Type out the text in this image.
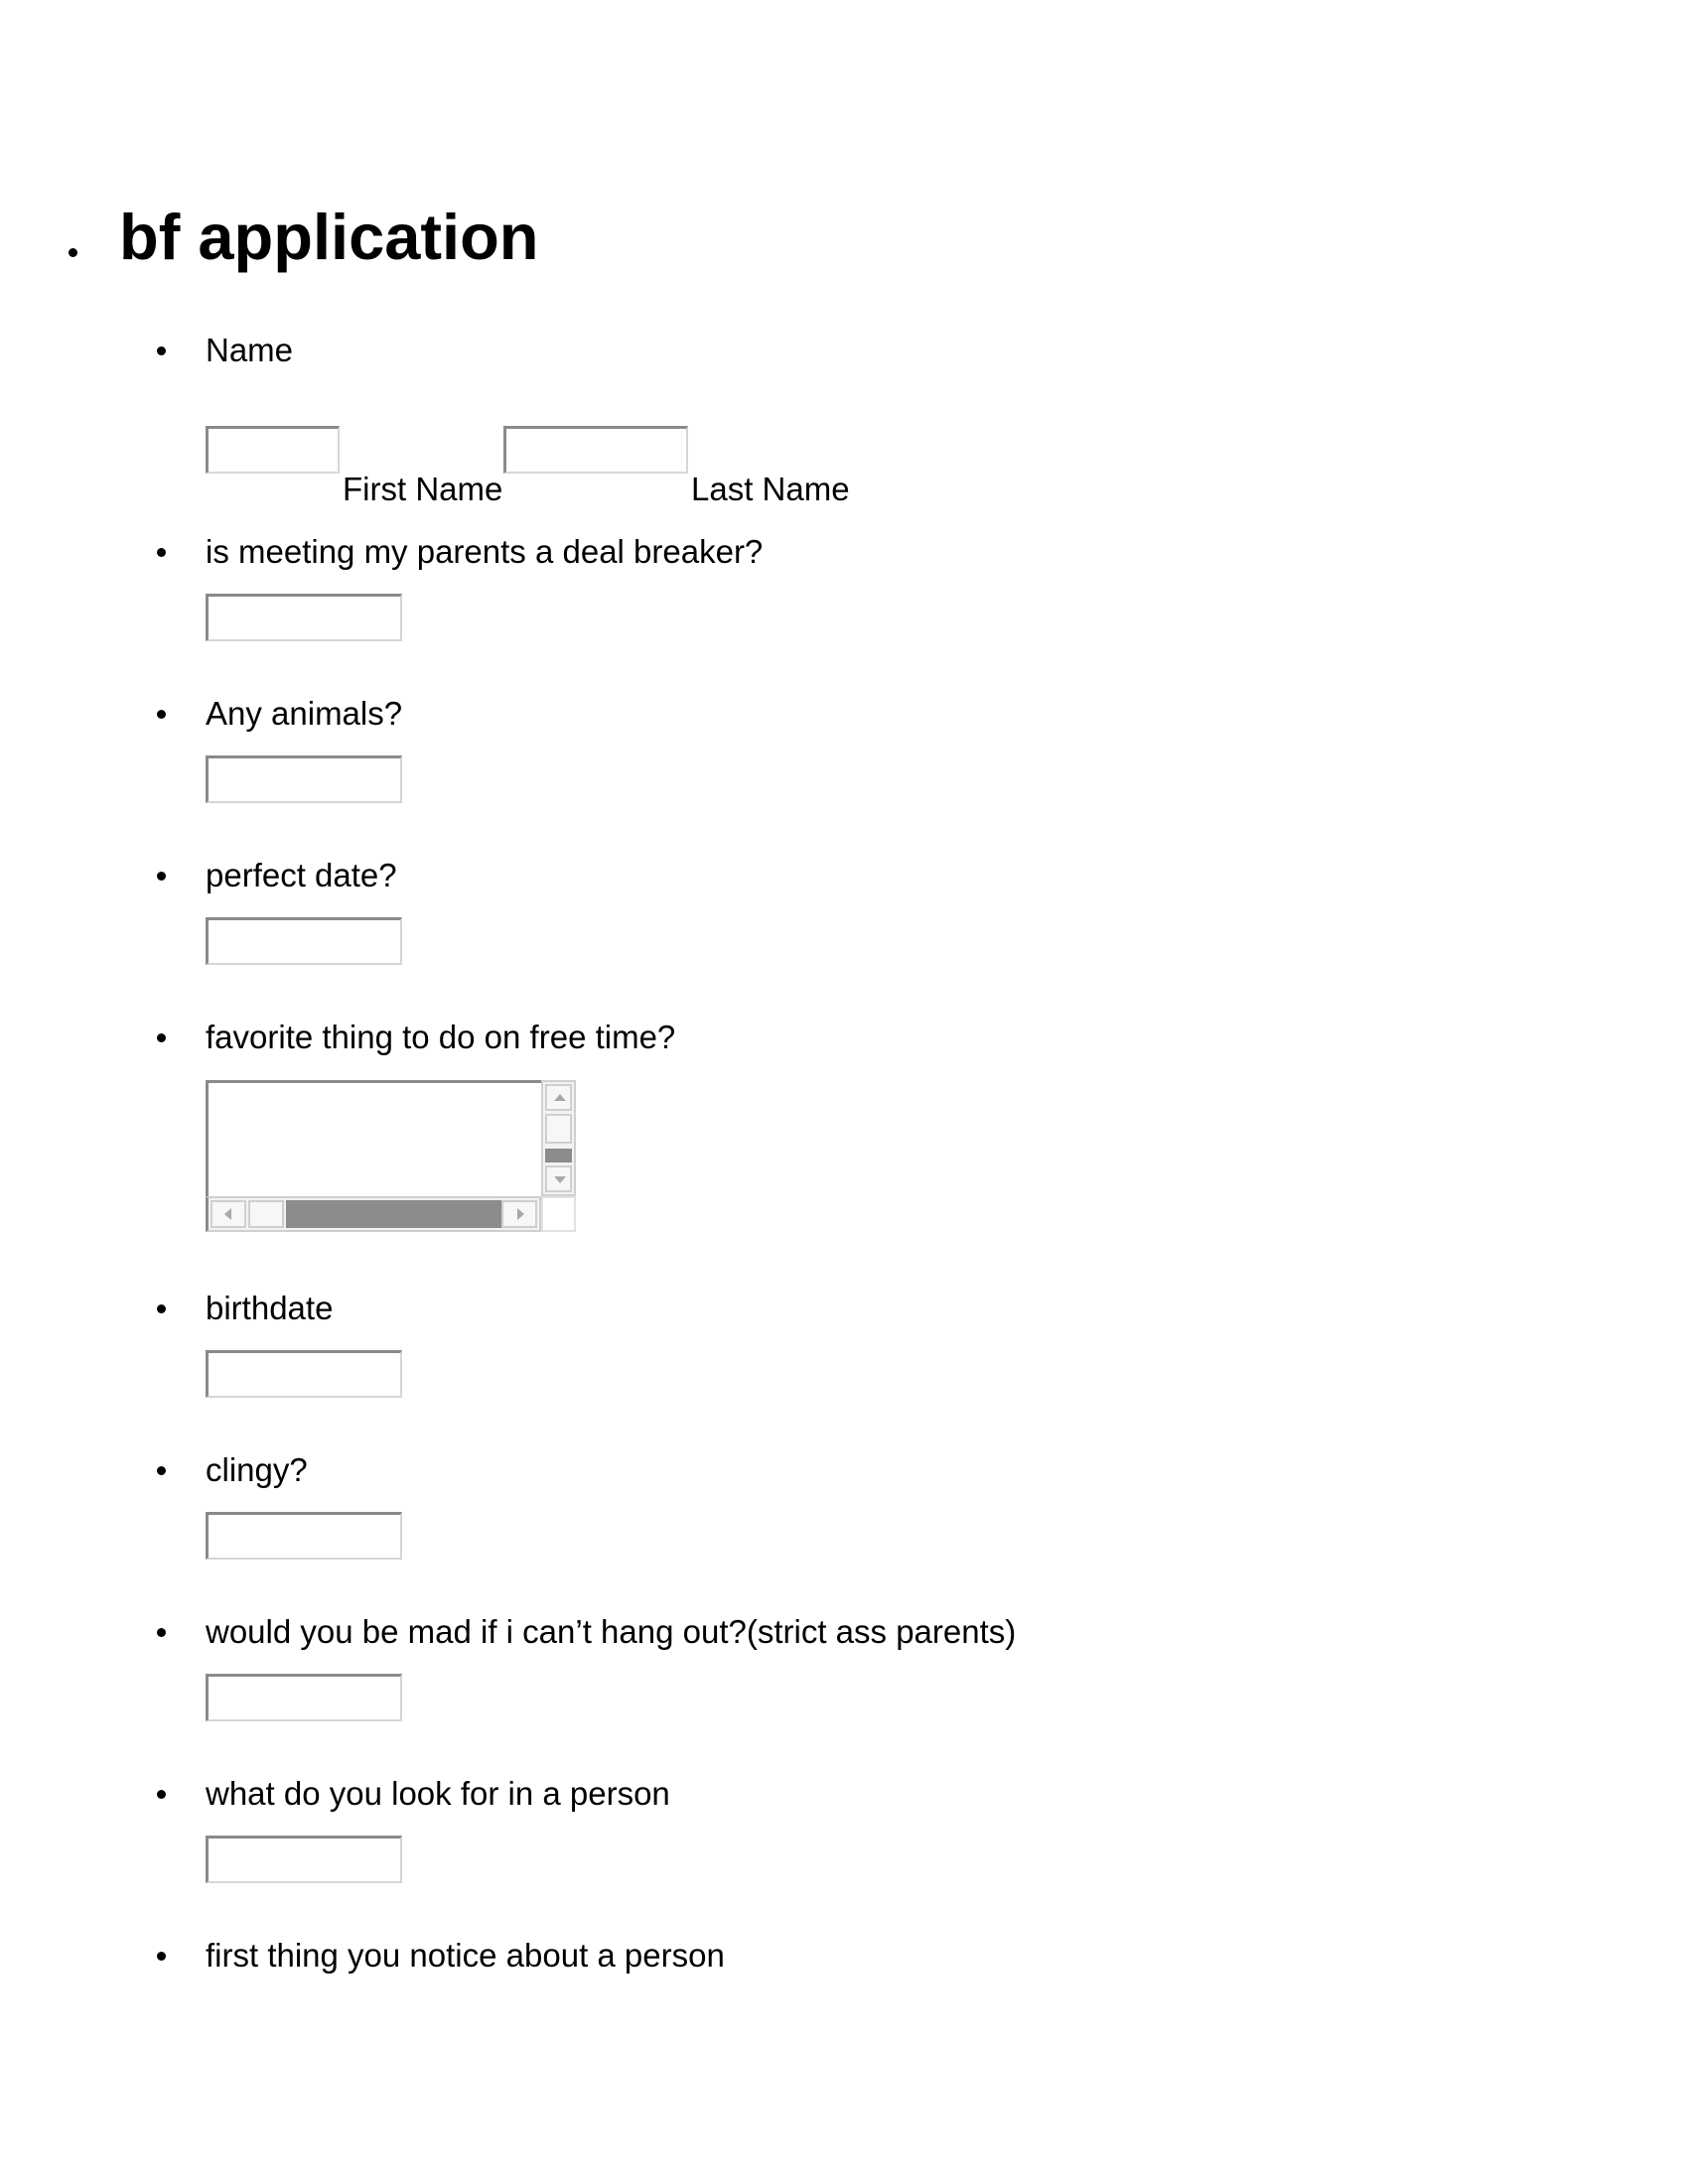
bf application
Name
First Name	Last Name
is meeting my parents a deal breaker?
Any animals?
perfect date?
favorite thing to do on free time?
birthdate
clingy?
would you be mad if i can’t hang out?(strict ass parents)
what do you look for in a person
first thing you notice about a person
